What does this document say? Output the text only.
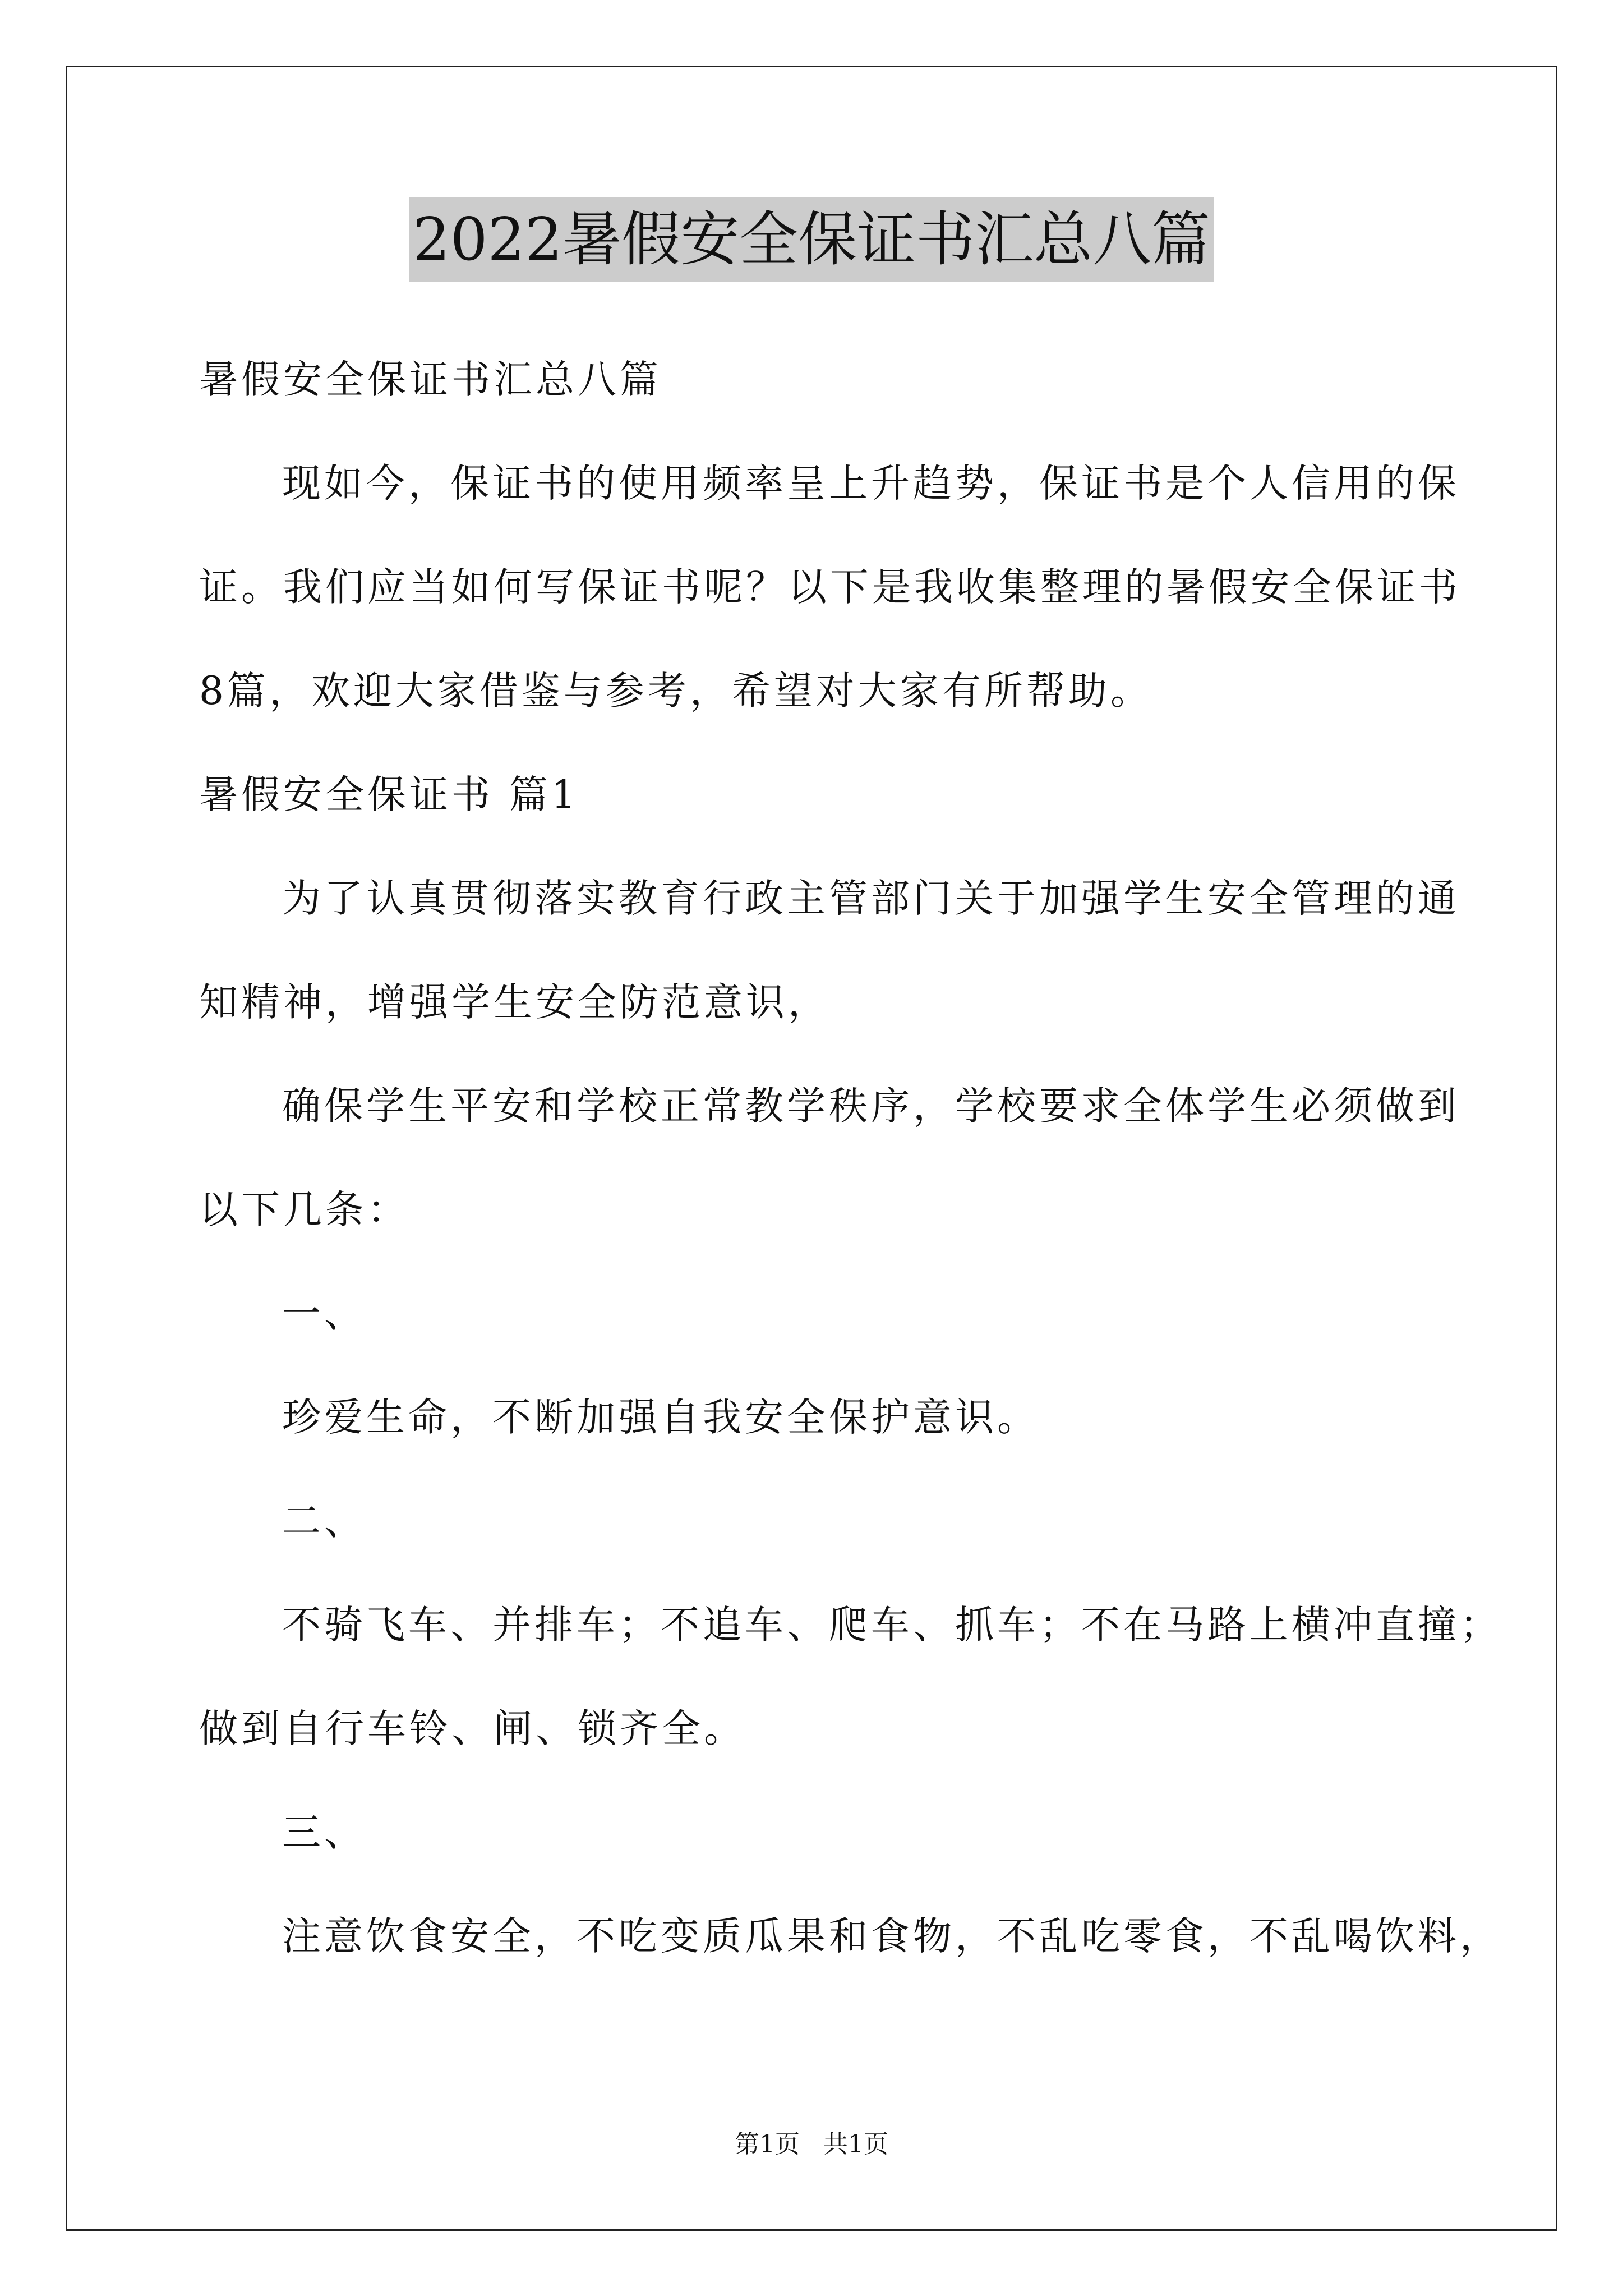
2022暑假安全保证书汇总八篇
暑假安全保证书汇总八篇
现如今，保证书的使用频率呈上升趋势，保证书是个人信用的保
证。我们应当如何写保证书呢？以下是我收集整理的暑假安全保证书
8篇，欢迎大家借鉴与参考，希望对大家有所帮助。
暑假安全保证书 篇1
为了认真贯彻落实教育行政主管部门关于加强学生安全管理的通
知精神，增强学生安全防范意识，
确保学生平安和学校正常教学秩序，学校要求全体学生必须做到
以下几条：
一、
珍爱生命，不断加强自我安全保护意识。
二、
不骑飞车、并排车；不追车、爬车、抓车；不在马路上横冲直撞；
做到自行车铃、闸、锁齐全。
三、
注意饮食安全，不吃变质瓜果和食物，不乱吃零食，不乱喝饮料，
第1页   共1页
